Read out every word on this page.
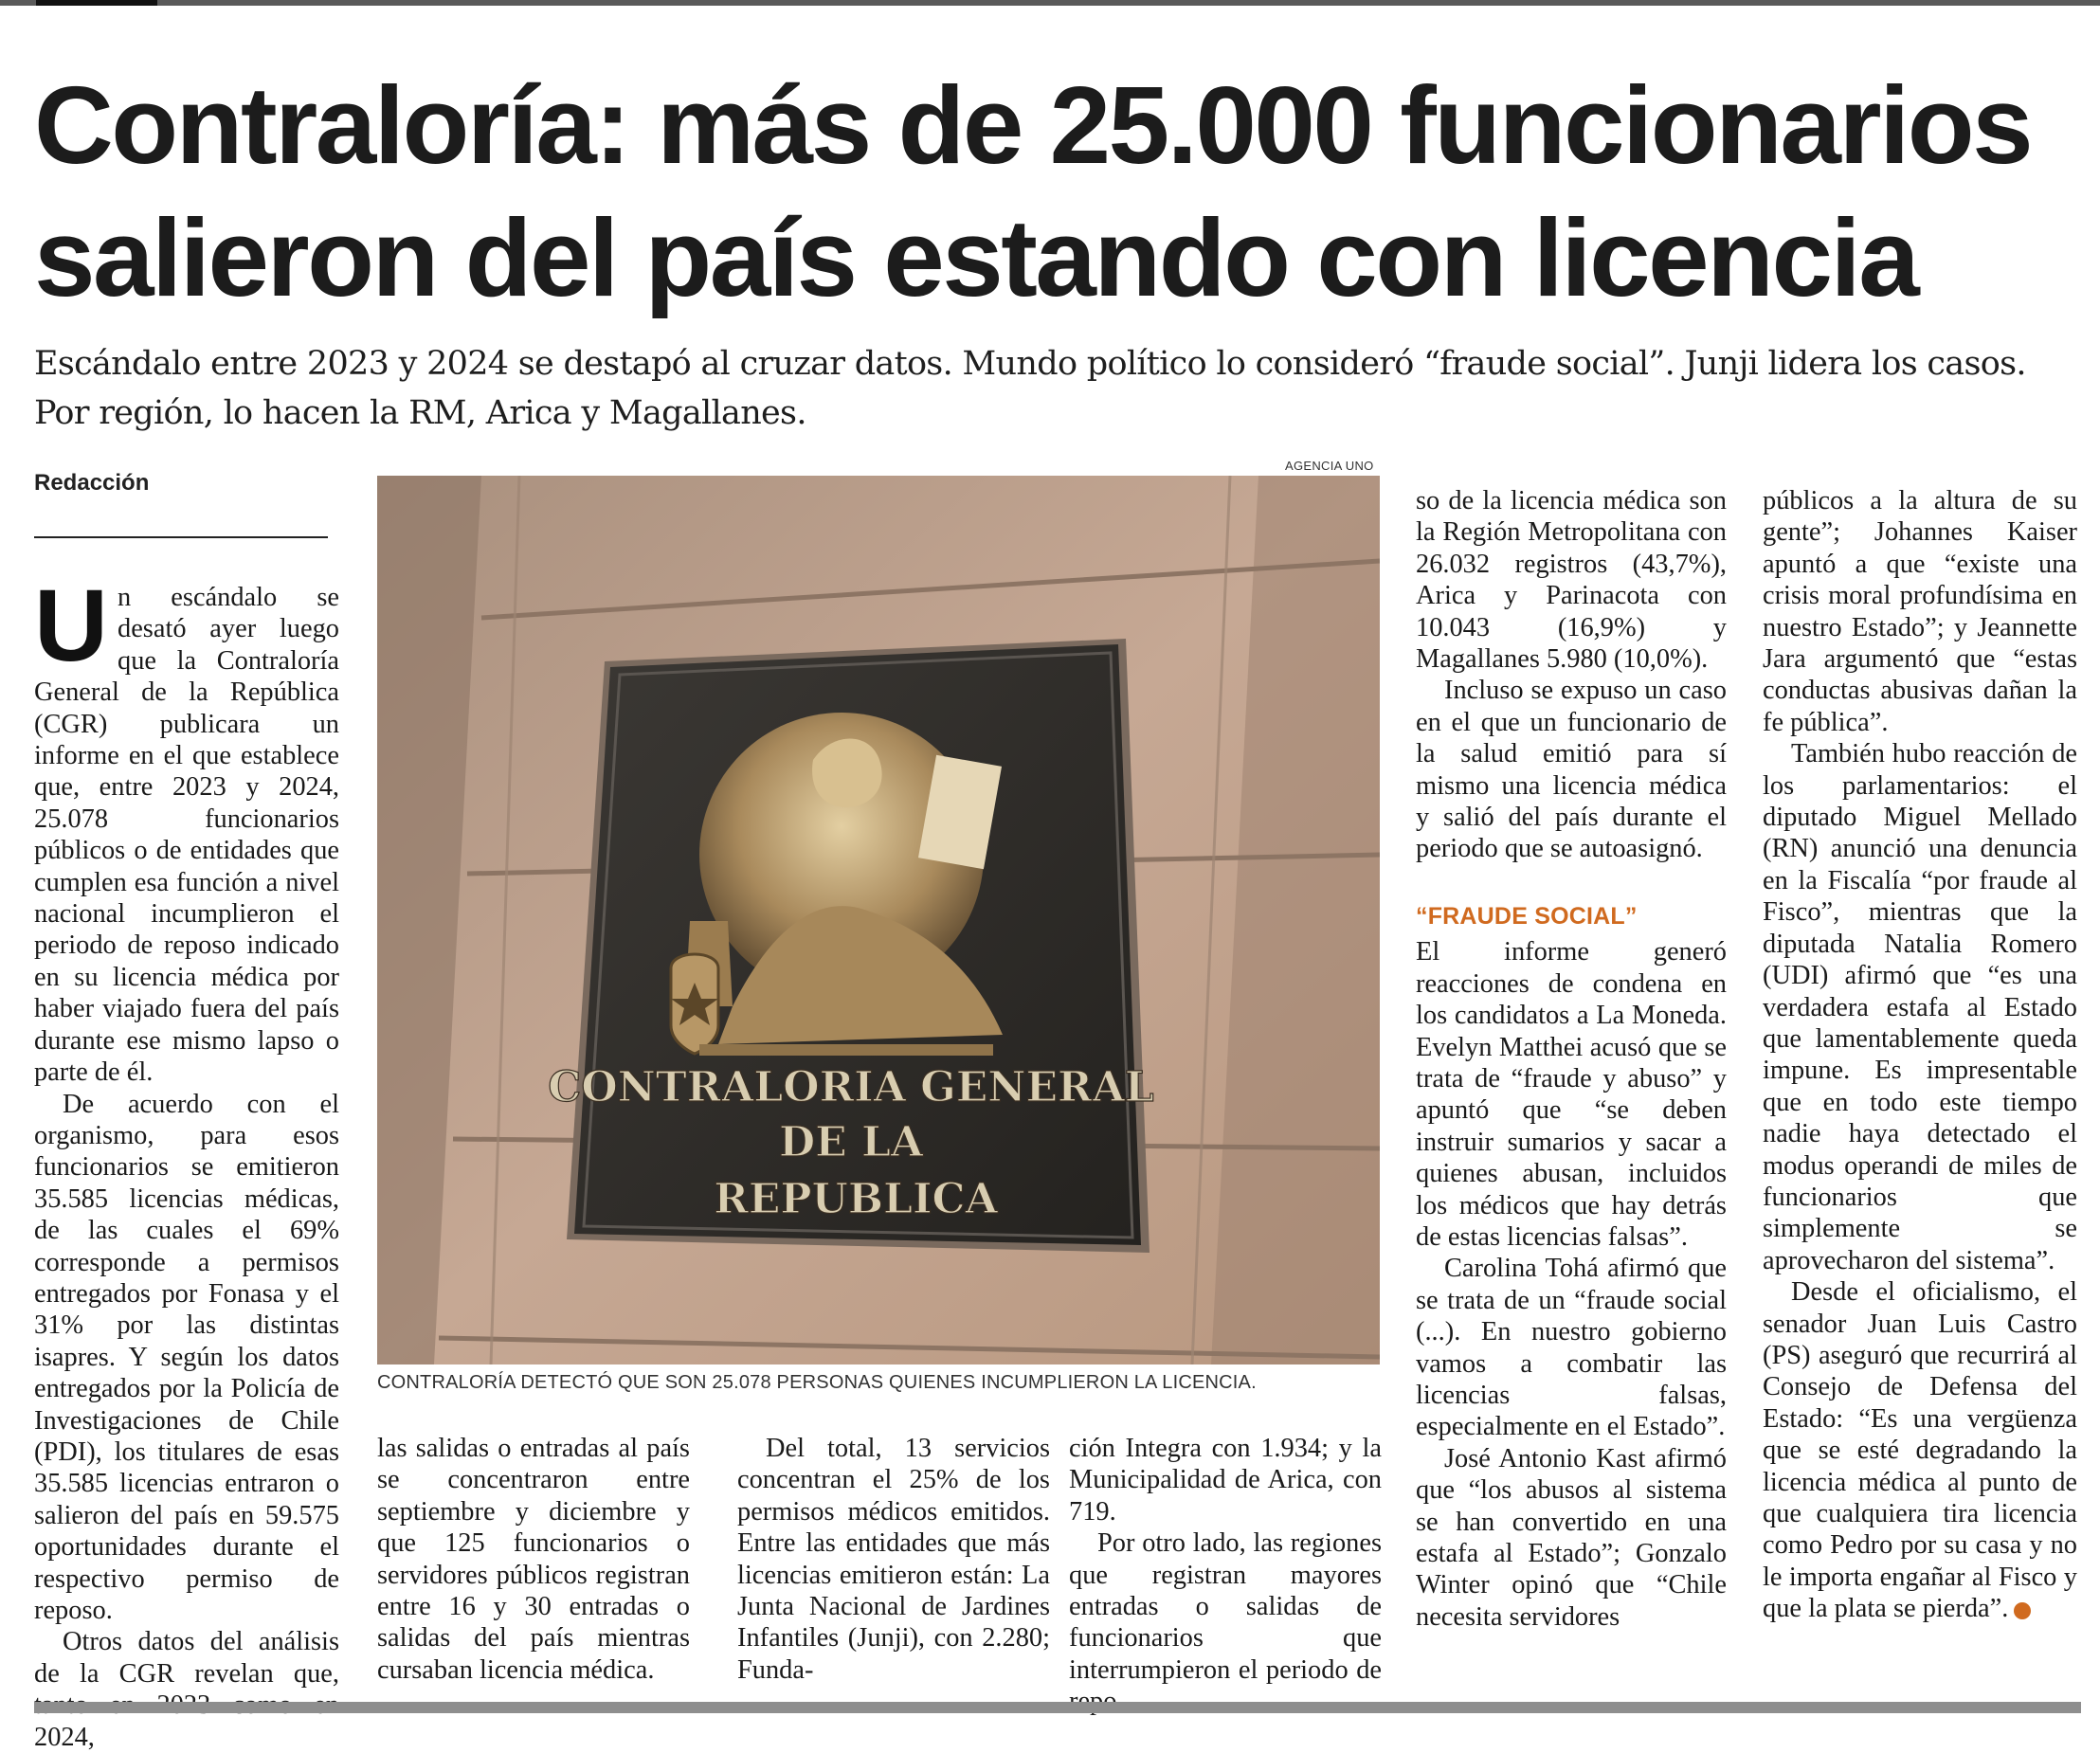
Contraloría: más de 25.000 funcionarios
salieron del país estando con licencia

Escándalo entre 2023 y 2024 se destapó al cruzar datos. Mundo político lo consideró “fraude social”. Junji lidera los casos. Por región, lo hacen la RM, Arica y Magallanes.

Redacción

Un escándalo se desató ayer luego que la Contraloría General de la República (CGR) publicara un informe en el que establece que, entre 2023 y 2024, 25.078 funcionarios públicos o de entidades que cumplen esa función a nivel nacional incumplieron el periodo de reposo indicado en su licencia médica por haber viajado fuera del país durante ese mismo lapso o parte de él.

De acuerdo con el organismo, para esos funcionarios se emitieron 35.585 licencias médicas, de las cuales el 69% corresponde a permisos entregados por Fonasa y el 31% por las distintas isapres. Y según los datos entregados por la Policía de Investigaciones de Chile (PDI), los titulares de esas 35.585 licencias entraron o salieron del país en 59.575 oportunidades durante el respectivo permiso de reposo.

Otros datos del análisis de la CGR revelan que, 2024,

AGENCIA UNO
CONTRALORIA GENERAL
DE LA
REPUBLICA
CONTRALORÍA DETECTÓ QUE SON 25.078 PERSONAS QUIENES INCUMPLIERON LA LICENCIA.

las salidas o entradas al país se concentraron entre septiembre y diciembre y que 125 funcionarios o servidores públicos registran entre 16 y 30 entradas o salidas del país mientras cursaban licencia médica.

Del total, 13 servicios concentran el 25% de los permisos médicos emitidos. Entre las entidades que más licencias emitieron están: La Junta Nacional de Jardines Infantiles (Junji), con 2.280; Funda-

ción Integra con 1.934; y la Municipalidad de Arica, con 719.

Por otro lado, las regiones que registran mayores entradas o salidas de funcionarios que interrumpieron el periodo de

so de la licencia médica son la Región Metropolitana con 26.032 registros (43,7%), Arica y Parinacota con 10.043 (16,9%) y Magallanes 5.980 (10,0%).

Incluso se expuso un caso en el que un funcionario de la salud emitió para sí mismo una licencia médica y salió del país durante el periodo que se autoasignó.

“FRAUDE SOCIAL”

El informe generó reacciones de condena en los candidatos a La Moneda. Evelyn Matthei acusó que se trata de “fraude y abuso” y apuntó que “se deben instruir sumarios y sacar a quienes abusan, incluidos los médicos que hay detrás de estas licencias falsas”.

Carolina Tohá afirmó que se trata de un “fraude social (...). En nuestro gobierno vamos a combatir las licencias falsas, especialmente en el Estado”.

José Antonio Kast afirmó que “los abusos al sistema se han convertido en una estafa al Estado”; Gonzalo Winter opinó que “Chile necesita servidores

públicos a la altura de su gente”; Johannes Kaiser apuntó a que “existe una crisis moral profundísima en nuestro Estado”; y Jeannette Jara argumentó que “estas conductas abusivas dañan la fe pública”.

También hubo reacción de los parlamentarios: el diputado Miguel Mellado (RN) anunció una denuncia en la Fiscalía “por fraude al Fisco”, mientras que la diputada Natalia Romero (UDI) afirmó que “es una verdadera estafa al Estado que lamentablemente queda impune. Es impresentable que en todo este tiempo nadie haya detectado el modus operandi de miles de funcionarios que simplemente se aprovecharon del sistema”.

Desde el oficialismo, el senador Juan Luis Castro (PS) aseguró que recurrirá al Consejo de Defensa del Estado: “Es una vergüenza que se esté degradando la licencia médica al punto de que cualquiera tira licencia como Pedro por su casa y no le importa engañar al Fisco y que la plata se pierda”.
